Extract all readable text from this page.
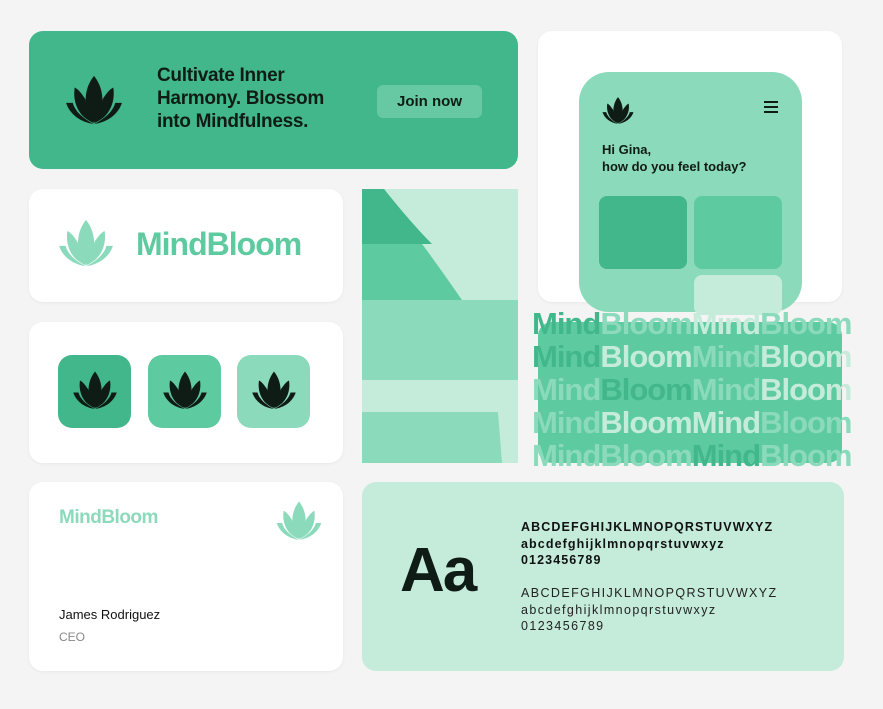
Cultivate Inner
Harmony. Blossom
into Mindfulness.
Join now
MindBloom
Hi Gina,
how do you feel today?
MindBloomMindBloom
MindBloomMindBloom
MindBloomMindBloom
MindBloomMindBloom
MindBloomMindBloom
MindBloom
James Rodriguez
CEO
Aa
ABCDEFGHIJKLMNOPQRSTUVWXYZ
abcdefghijklmnopqrstuvwxyz
0123456789
ABCDEFGHIJKLMNOPQRSTUVWXYZ
abcdefghijklmnopqrstuvwxyz
0123456789
